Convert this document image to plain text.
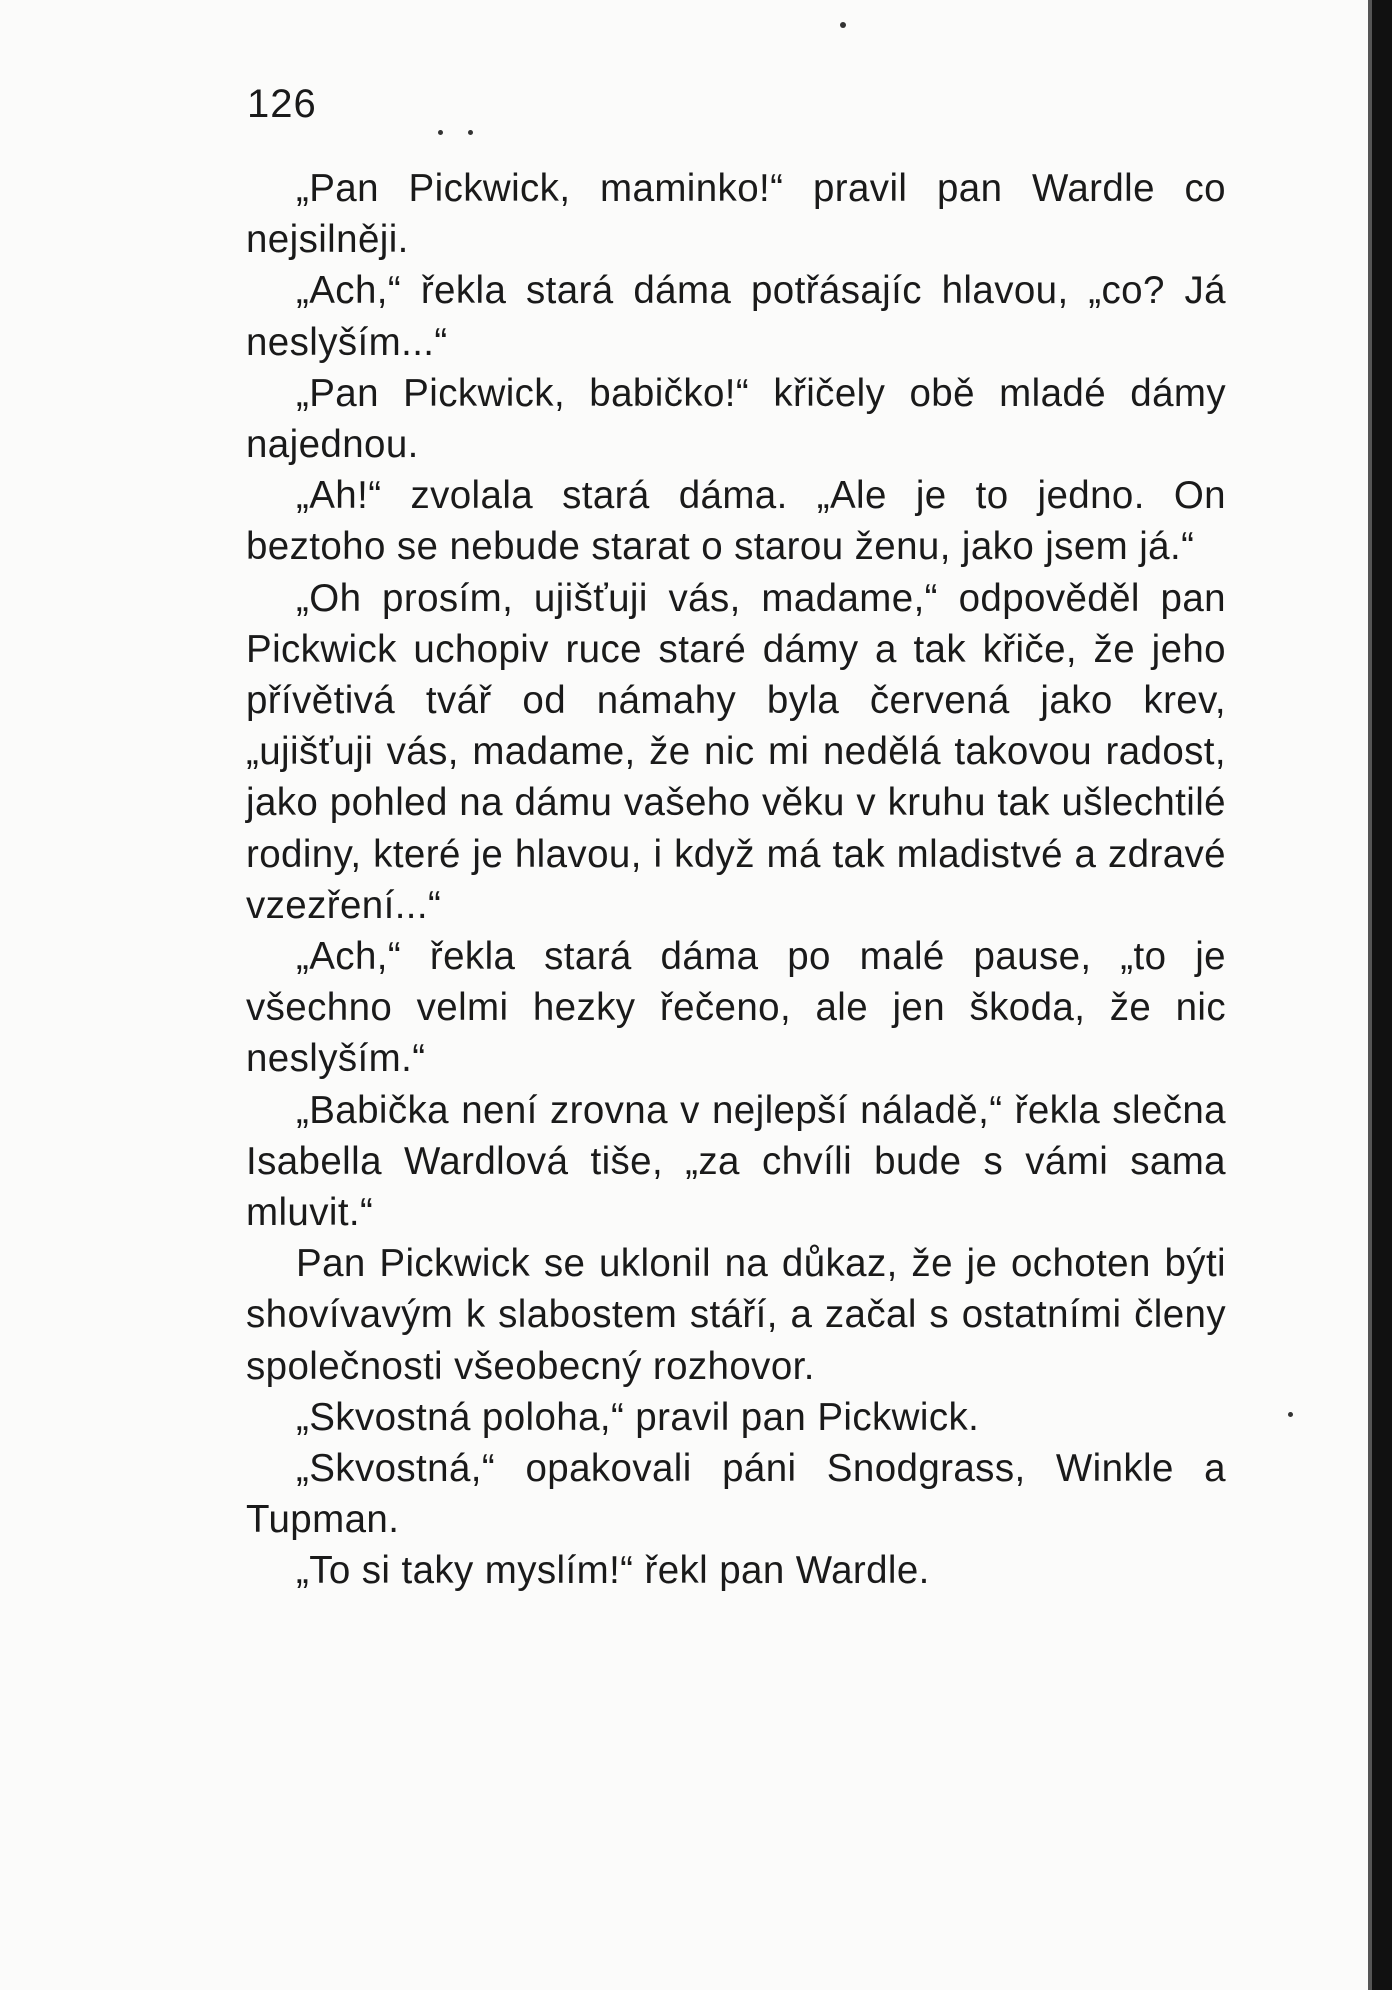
126

„Pan Pickwick, maminko!“ pravil pan Wardle co nejsilněji.

„Ach,“ řekla stará dáma potřásajíc hlavou, „co? Já neslyším...“

„Pan Pickwick, babičko!“ křičely obě mladé dámy najednou.

„Ah!“ zvolala stará dáma. „Ale je to jedno. On beztoho se nebude starat o starou ženu, jako jsem já.“

„Oh prosím, ujišťuji vás, madame,“ odpověděl pan Pickwick uchopiv ruce staré dámy a tak křiče, že jeho přívětivá tvář od námahy byla červená jako krev, „ujišťuji vás, madame, že nic mi nedělá takovou radost, jako pohled na dámu vašeho věku v kruhu tak ušlechtilé rodiny, které je hlavou, i když má tak mladistvé a zdravé vzezření...“

„Ach,“ řekla stará dáma po malé pause, „to je všechno velmi hezky řečeno, ale jen škoda, že nic neslyším.“

„Babička není zrovna v nejlepší náladě,“ řekla slečna Isabella Wardlová tiše, „za chvíli bude s vámi sama mluvit.“

Pan Pickwick se uklonil na důkaz, že je ochoten býti shovívavým k slabostem stáří, a začal s ostatními členy společnosti všeobecný rozhovor.

„Skvostná poloha,“ pravil pan Pickwick.

„Skvostná,“ opakovali páni Snodgrass, Winkle a Tupman.

„To si taky myslím!“ řekl pan Wardle.
